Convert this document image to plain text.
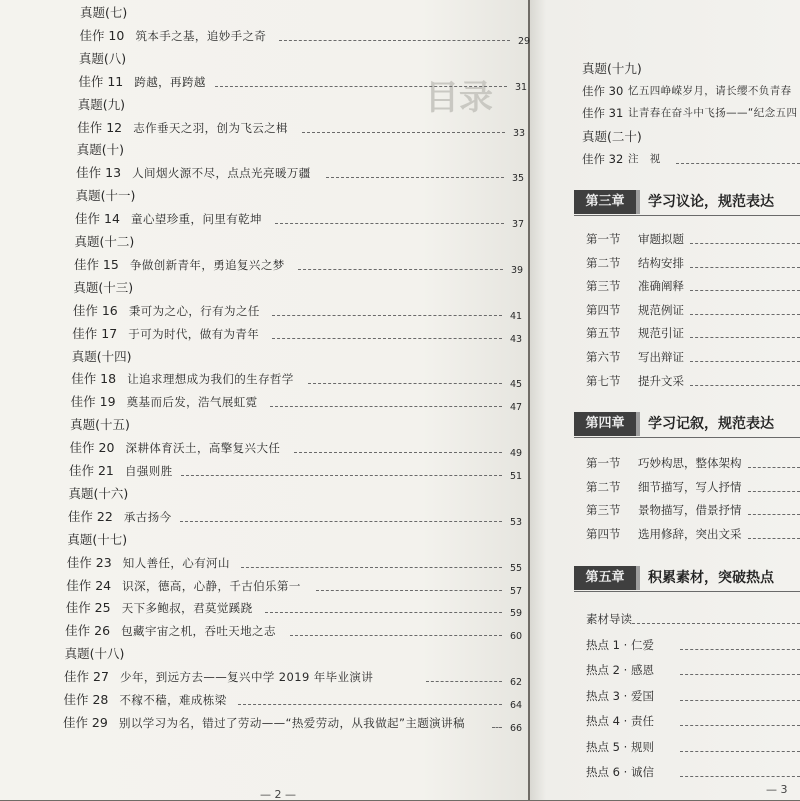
目录
真题(七)
佳作 10 筑本手之基，追妙手之奇	29
真题(八)
佳作 11 跨越，再跨越	31
真题(九)
佳作 12 志作垂天之羽，创为飞云之楫	33
真题(十)
佳作 13 人间烟火源不尽，点点光亮暖万疆	35
真题(十一)
佳作 14 童心望珍重，问里有乾坤	37
真题(十二)
佳作 15 争做创新青年，勇追复兴之梦	39
真题(十三)
佳作 16 秉可为之心，行有为之任	41
佳作 17 于可为时代，做有为青年	43
真题(十四)
佳作 18 让追求理想成为我们的生存哲学	45
佳作 19 奠基而后发，浩气展虹霓	47
真题(十五)
佳作 20 深耕体育沃土，高擎复兴大任	49
佳作 21 自强则胜	51
真题(十六)
佳作 22 承古扬今	53
真题(十七)
佳作 23 知人善任，心有河山	55
佳作 24 识深，德高，心静，千古伯乐第一	57
佳作 25 天下多鲍叔，君莫觉蹊跷	59
佳作 26 包藏宇宙之机，吞吐天地之志	60
真题(十八)
佳作 27 少年，到远方去——复兴中学 2019 年毕业演讲	62
佳作 28 不稼不穑，难成栋梁	64
佳作 29 别以学习为名，错过了劳动——“热爱劳动，从我做起”主题演讲稿	66
— 2 —
真题(十九)
佳作 30 忆五四峥嵘岁月，请长缨不负青春
佳作 31 让青春在奋斗中飞扬——“纪念五四
真题(二十)
佳作 32 注　视
第三章	学习议论，规范表达
第一节 审题拟题
第二节 结构安排
第三节 准确阐释
第四节 规范例证
第五节 规范引证
第六节 写出辩证
第七节 提升文采
第四章	学习记叙，规范表达
第一节 巧妙构思，整体架构
第二节 细节描写，写人抒情
第三节 景物描写，借景抒情
第四节 选用修辞，突出文采
第五章	积累素材，突破热点
素材导读
热点 1 · 仁爱
热点 2 · 感恩
热点 3 · 爱国
热点 4 · 责任
热点 5 · 规则
热点 6 · 诚信
— 3
